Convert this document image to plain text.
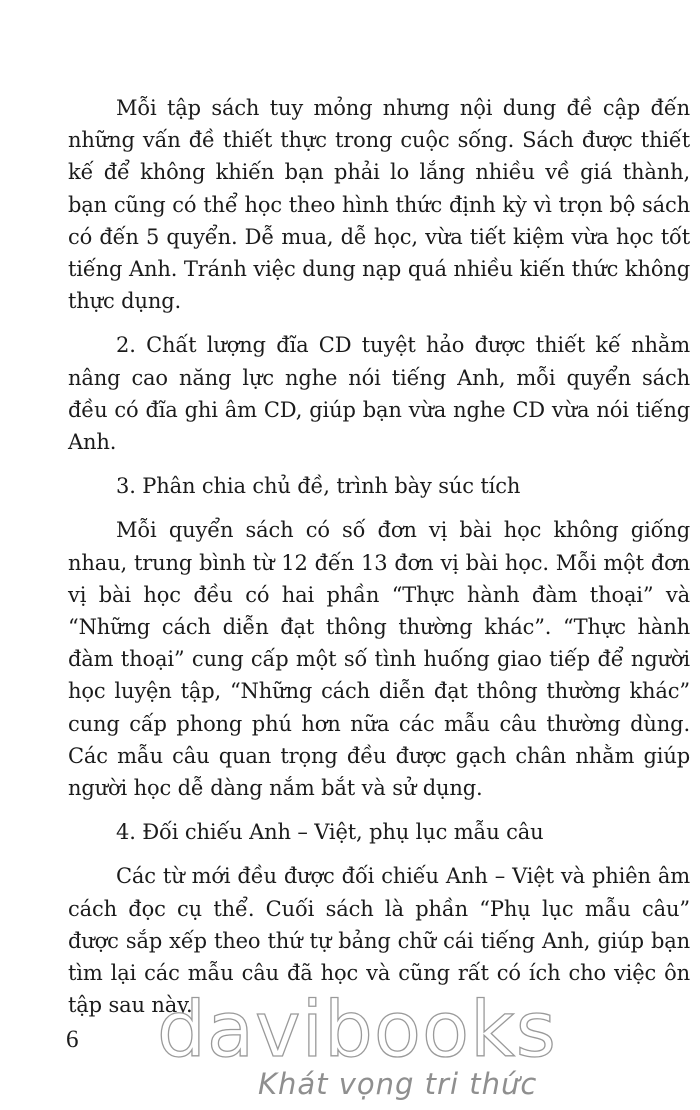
Mỗi tập sách tuy mỏng nhưng nội dung đề cập đến những vấn đề thiết thực trong cuộc sống. Sách được thiết kế để không khiến bạn phải lo lắng nhiều về giá thành, bạn cũng có thể học theo hình thức định kỳ vì trọn bộ sách có đến 5 quyển. Dễ mua, dễ học, vừa tiết kiệm vừa học tốt tiếng Anh. Tránh việc dung nạp quá nhiều kiến thức không thực dụng.

2. Chất lượng đĩa CD tuyệt hảo được thiết kế nhằm nâng cao năng lực nghe nói tiếng Anh, mỗi quyển sách đều có đĩa ghi âm CD, giúp bạn vừa nghe CD vừa nói tiếng Anh.

3. Phân chia chủ đề, trình bày súc tích

Mỗi quyển sách có số đơn vị bài học không giống nhau, trung bình từ 12 đến 13 đơn vị bài học. Mỗi một đơn vị bài học đều có hai phần “Thực hành đàm thoại” và “Những cách diễn đạt thông thường khác”. “Thực hành đàm thoại” cung cấp một số tình huống giao tiếp để người học luyện tập, “Những cách diễn đạt thông thường khác” cung cấp phong phú hơn nữa các mẫu câu thường dùng. Các mẫu câu quan trọng đều được gạch chân nhằm giúp người học dễ dàng nắm bắt và sử dụng.

4. Đối chiếu Anh – Việt, phụ lục mẫu câu

Các từ mới đều được đối chiếu Anh – Việt và phiên âm cách đọc cụ thể. Cuối sách là phần “Phụ lục mẫu câu” được sắp xếp theo thứ tự bảng chữ cái tiếng Anh, giúp bạn tìm lại các mẫu câu đã học và cũng rất có ích cho việc ôn tập sau này.

davibooks
Khát vọng tri thức
6
